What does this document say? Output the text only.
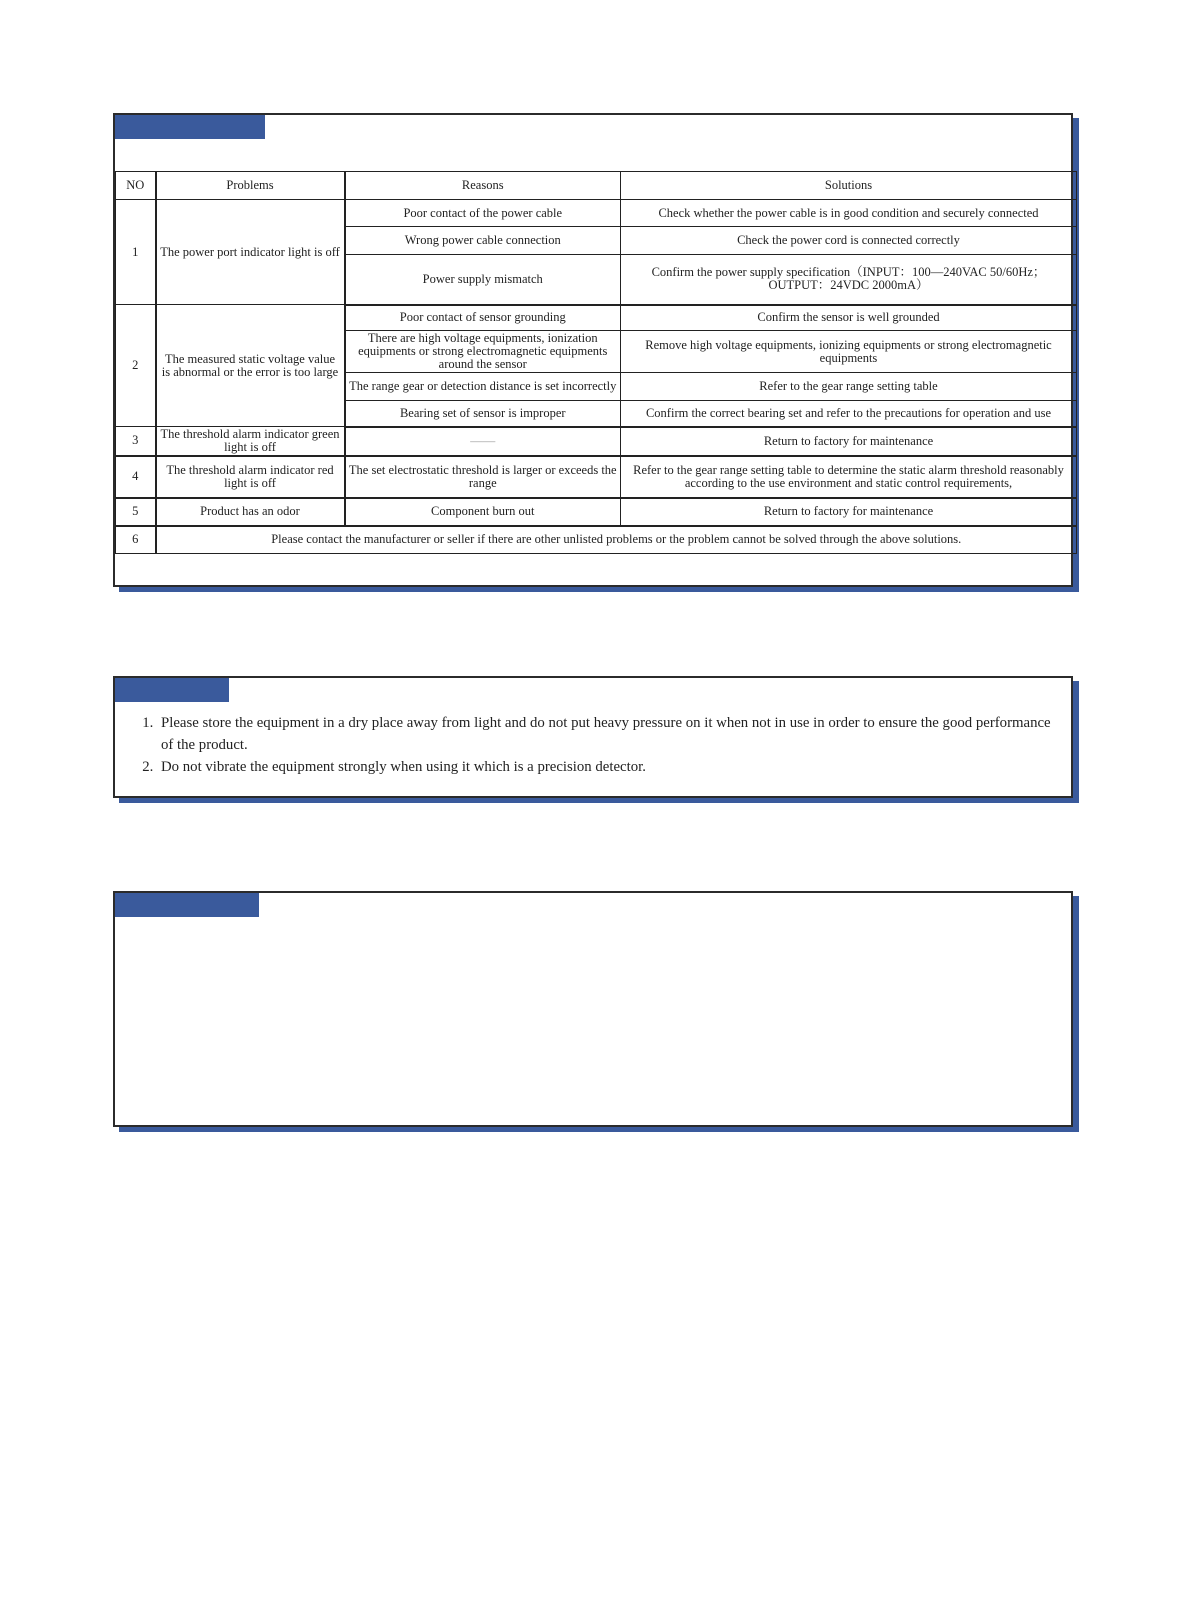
NO	Problems	Reasons	Solutions
1	The power port indicator light is off	Poor contact of the power cable	Check whether the power cable is in good condition and securely connected
		Wrong power cable connection	Check the power cord is connected correctly
		Power supply mismatch	Confirm the power supply specification（INPUT：100—240VAC 50/60Hz；OUTPUT：24VDC 2000mA）
2	The measured static voltage value is abnormal or the error is too large	Poor contact of sensor grounding	Confirm the sensor is well grounded
		There are high voltage equipments, ionization equipments or strong electromagnetic equipments around the sensor	Remove high voltage equipments, ionizing equipments or strong electromagnetic equipments
		The range gear or detection distance is set incorrectly	Refer to the gear range setting table
		Bearing set of sensor is improper	Confirm the correct bearing set and refer to the precautions for operation and use
3	The threshold alarm indicator green light is off	——	Return to factory for maintenance
4	The threshold alarm indicator red light is off	The set electrostatic threshold is larger or exceeds the range	Refer to the gear range setting table to determine the static alarm threshold reasonably according to the use environment and static control requirements,
5	Product has an odor	Component burn out	Return to factory for maintenance
6	Please contact the manufacturer or seller if there are other unlisted problems or the problem cannot be solved through the above solutions.		
1. Please store the equipment in a dry place away from light and do not put heavy pressure on it when not in use in order to ensure the good performance of the product.
2. Do not vibrate the equipment strongly when using it which is a precision detector.
